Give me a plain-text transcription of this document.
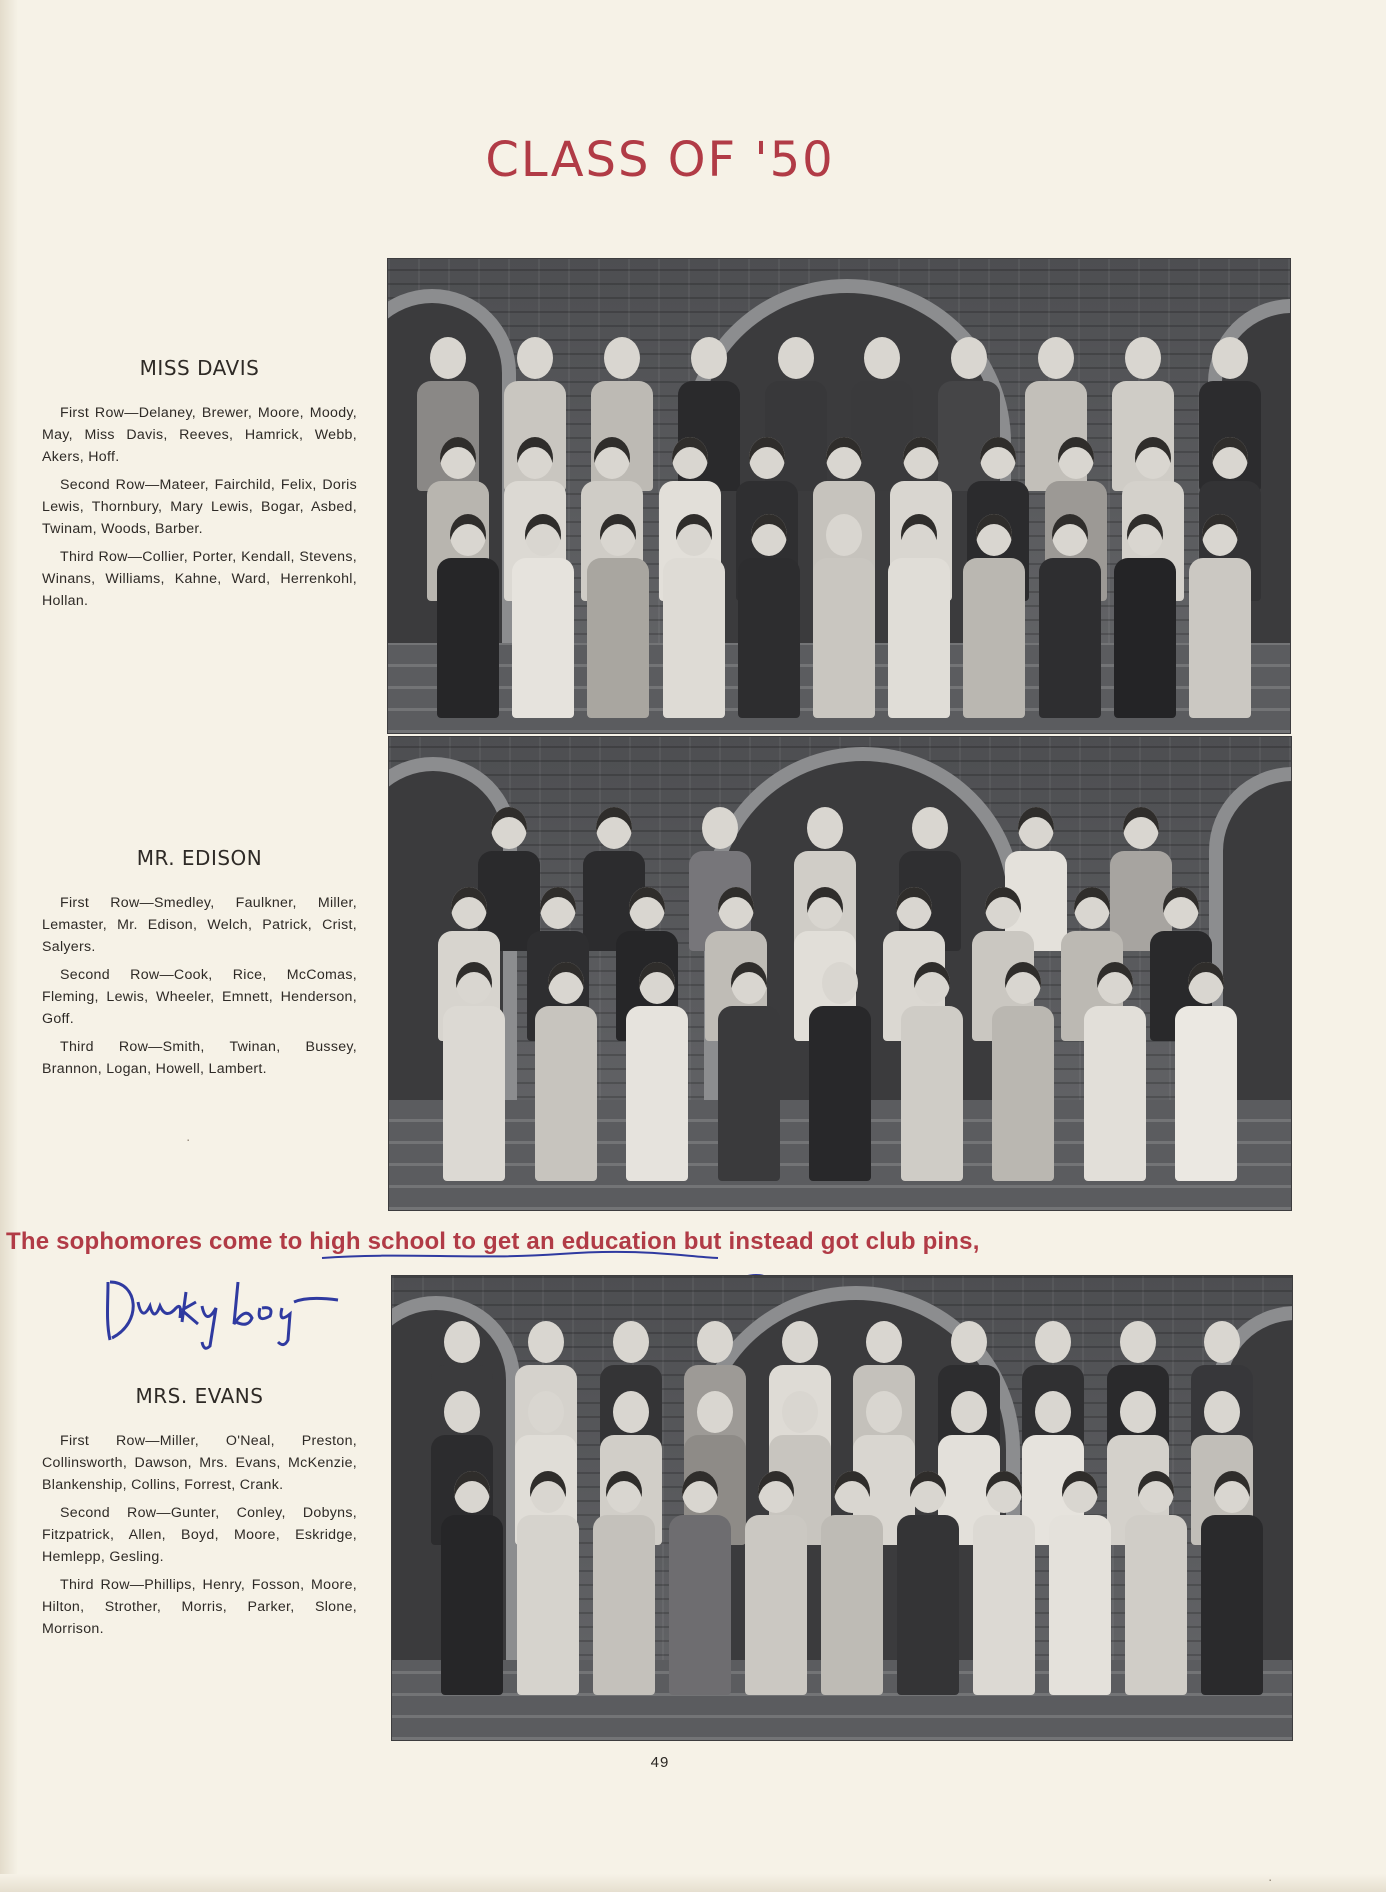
CLASS OF '50
MISS DAVIS

First Row—Delaney, Brewer, Moore, Moody, May, Miss Davis, Reeves, Hamrick, Webb, Akers, Hoff.

Second Row—Mateer, Fairchild, Felix, Doris Lewis, Thornbury, Mary Lewis, Bogar, Asbed, Twinam, Woods, Barber.

Third Row—Collier, Porter, Kendall, Stevens, Winans, Williams, Kahne, Ward, Herrenkohl, Hollan.

MR. EDISON

First Row—Smedley, Faulkner, Miller, Lemaster, Mr. Edison, Welch, Patrick, Crist, Salyers.

Second Row—Cook, Rice, McComas, Fleming, Lewis, Wheeler, Emnett, Henderson, Goff.

Third Row—Smith, Twinan, Bussey, Brannon, Logan, Howell, Lambert.

The sophomores come to high school to get an education but instead got club pins,
MRS. EVANS

First Row—Miller, O'Neal, Preston, Collinsworth, Dawson, Mrs. Evans, McKenzie, Blankenship, Collins, Forrest, Crank.

Second Row—Gunter, Conley, Dobyns, Fitzpatrick, Allen, Boyd, Moore, Eskridge, Hemlepp, Gesling.

Third Row—Phillips, Henry, Fosson, Moore, Hilton, Strother, Morris, Parker, Slone, Morrison.

49
⋅
⋅
